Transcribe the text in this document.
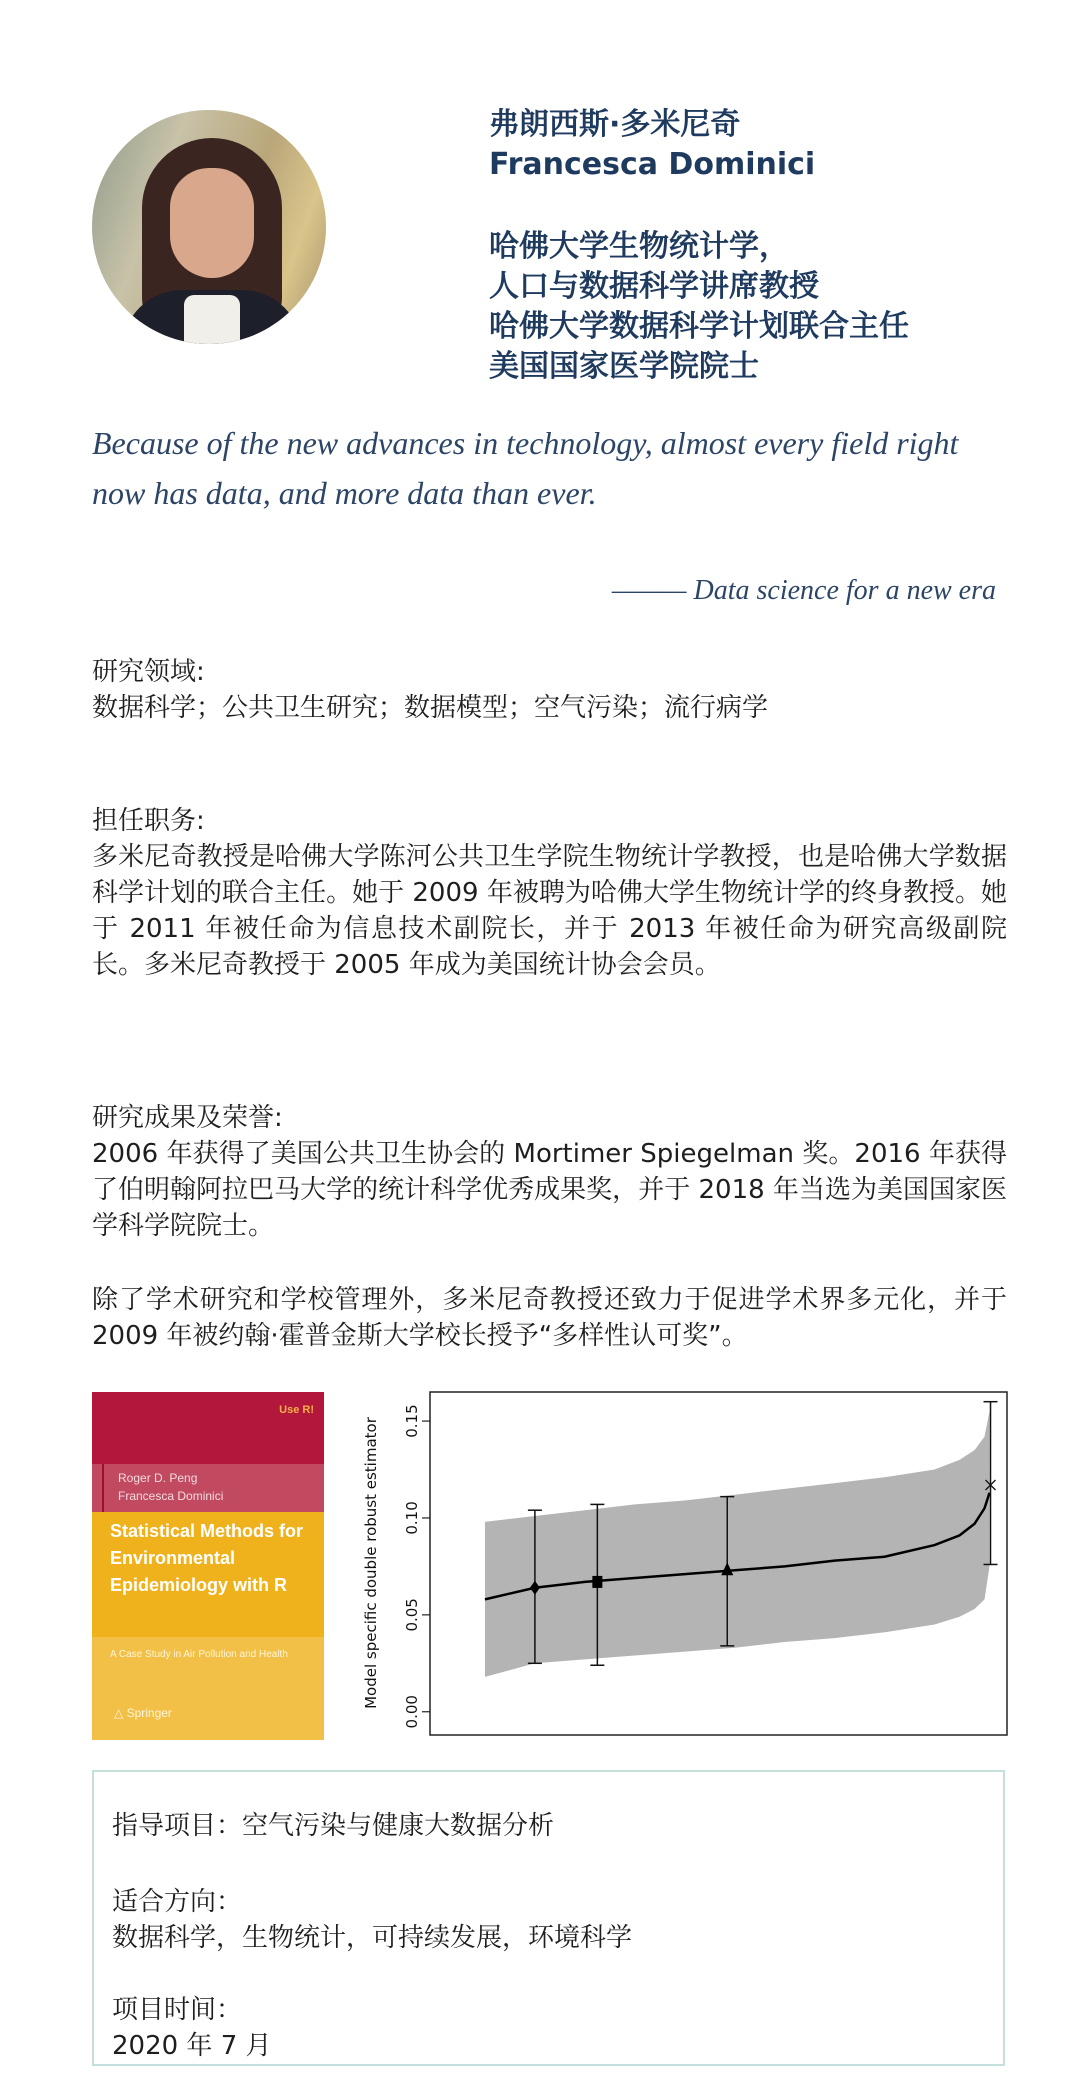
弗朗西斯·多米尼奇
Francesca Dominici
哈佛大学生物统计学，
人口与数据科学讲席教授
哈佛大学数据科学计划联合主任
美国国家医学院院士
Because of the new advances in technology, almost every field right now has data, and more data than ever.
——— Data science for a new era
研究领域:
数据科学；公共卫生研究；数据模型；空气污染；流行病学
担任职务:
多米尼奇教授是哈佛大学陈河公共卫生学院生物统计学教授，也是哈佛大学数据科学计划的联合主任。她于 2009 年被聘为哈佛大学生物统计学的终身教授。她于 2011 年被任命为信息技术副院长，并于 2013 年被任命为研究高级副院长。多米尼奇教授于 2005 年成为美国统计协会会员。
研究成果及荣誉:
2006 年获得了美国公共卫生协会的 Mortimer Spiegelman 奖。2016 年获得了伯明翰阿拉巴马大学的统计科学优秀成果奖，并于 2018 年当选为美国国家医学科学院院士。
除了学术研究和学校管理外，多米尼奇教授还致力于促进学术界多元化，并于 2009 年被约翰·霍普金斯大学校长授予“多样性认可奖”。
Use R!
Roger D. Peng
Francesca Dominici
Statistical Methods for Environmental Epidemiology with R
A Case Study in Air Pollution and Health
△ Springer
Model specific double robust estimator
0.00
0.05
0.10
0.15
指导项目：空气污染与健康大数据分析
适合方向：
数据科学，生物统计，可持续发展，环境科学
项目时间：
2020 年 7 月
